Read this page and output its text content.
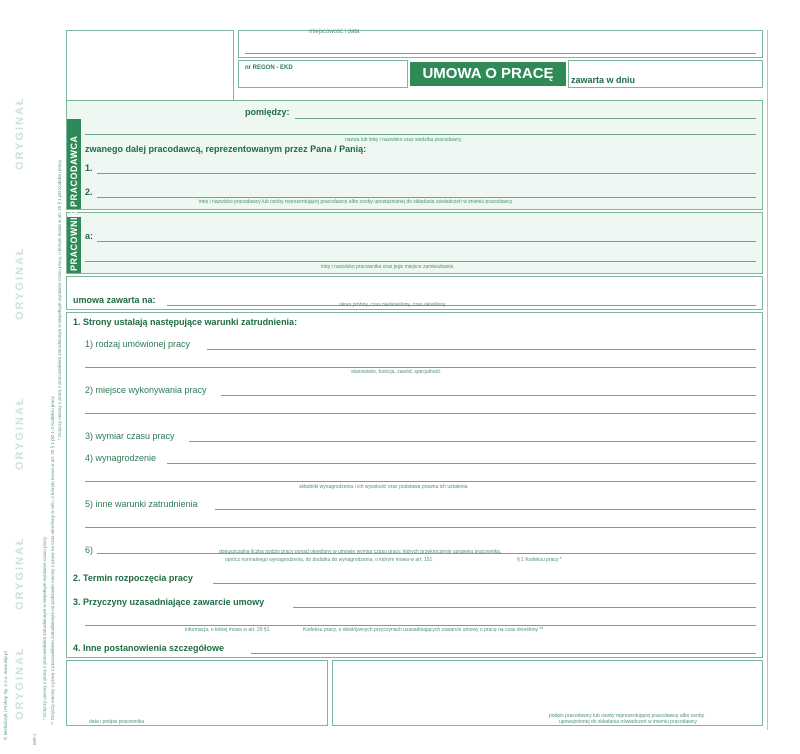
ORYGINAŁ
ORYGINAŁ
ORYGINAŁ
ORYGINAŁ
ORYGINAŁ	* Dotyczy umowy o pracę z pracownikiem zatrudnionym w niepełnym wymiarze czasu pracy ** Dotyczy umowy o pracę z pracownikiem zatrudnionym na podstawie umowy o pracę na czas określony w celu, o którym mowa w art. 25 § 1 pkt 1-3 Kodeksu pracy
* Dotyczy umowy o pracę z pracownikiem zatrudnionym w niepełnym wymiarze czasu pracy, o którym mowa w art. 25 § 1 pkt Kodeksu pracy
© Michalczyk i Prokop Sp. z o.o. www.mip.pl	500-1
miejscowość i data
nr REGON - EKD	UMOWA O PRACĘ	zawarta w dniu
PRACODAWCA
pomiędzy:
nazwa lub imię i nazwisko oraz siedziba pracodawcy
zwanego dalej pracodawcą, reprezentowanym przez Pana / Panią:
1.
2.
imię i nazwisko pracodawcy lub osoby reprezentującej pracodawcę albo osoby upoważnionej do składania oświadczeń w imieniu pracodawcy
PRACOWNIK a:
imię i nazwisko pracownika oraz jego miejsce zamieszkania
umowa zawarta na:	okres próbny, czas nieokreślony, czas określony
1. Strony ustalają następujące warunki zatrudnienia:
1) rodzaj umówionej pracy
stanowisko, funkcja, zawód, specjalność
2) miejsce wykonywania pracy
3) wymiar czasu pracy
4) wynagrodzenie
składniki wynagrodzenia i ich wysokość oraz podstawa prawna ich ustalenia
5) inne warunki zatrudnienia
6)	dopuszczalna liczba godzin pracy ponad określony w umowie wymiar czasu pracy, których przekroczenie uprawnia pracownika,
oprócz normalnego wynagrodzenia, do dodatku do wynagrodzenia, o którym mowa w art. 151	§ 1 Kodeksu pracy *
2. Termin rozpoczęcia pracy
3. Przyczyny uzasadniające zawarcie umowy
informacja, o której mowa w art. 29 §1	Kodeksu pracy, o obiektywnych przyczynach uzasadniających zawarcie umowy o pracę na czas określony **
4. Inne postanowienia szczegółowe
data i podpis pracownika
podpis pracodawcy lub osoby reprezentującej pracodawcę albo osoby
upoważnionej do składania oświadczeń w imieniu pracodawcy
